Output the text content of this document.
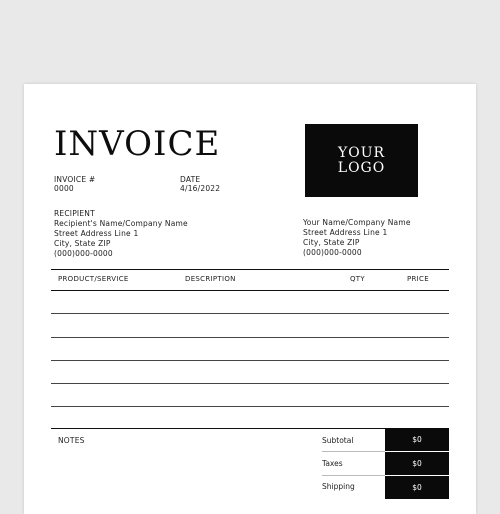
INVOICE
INVOICE #
0000
DATE
4/16/2022
YOUR
LOGO
RECIPIENT
Recipient's Name/Company Name
Street Address Line 1
City, State ZIP
(000)000-0000
Your Name/Company Name
Street Address Line 1
City, State ZIP
(000)000-0000
PRODUCT/SERVICE	DESCRIPTION	QTY	PRICE
NOTES	Subtotal	$0
Taxes	$0
Shipping	$0
